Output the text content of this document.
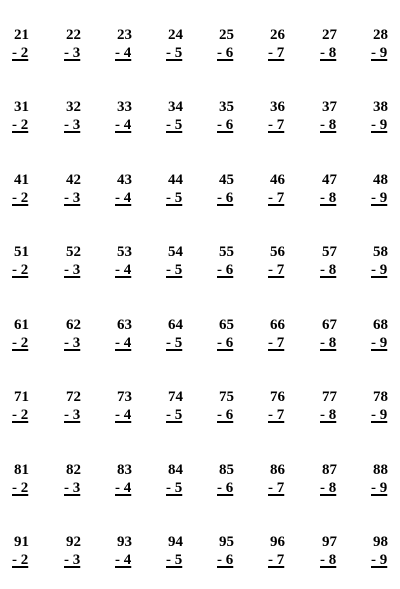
21
- 2
22
- 3
23
- 4
24
- 5
25
- 6
26
- 7
27
- 8
28
- 9
31
- 2
32
- 3
33
- 4
34
- 5
35
- 6
36
- 7
37
- 8
38
- 9
41
- 2
42
- 3
43
- 4
44
- 5
45
- 6
46
- 7
47
- 8
48
- 9
51
- 2
52
- 3
53
- 4
54
- 5
55
- 6
56
- 7
57
- 8
58
- 9
61
- 2
62
- 3
63
- 4
64
- 5
65
- 6
66
- 7
67
- 8
68
- 9
71
- 2
72
- 3
73
- 4
74
- 5
75
- 6
76
- 7
77
- 8
78
- 9
81
- 2
82
- 3
83
- 4
84
- 5
85
- 6
86
- 7
87
- 8
88
- 9
91
- 2
92
- 3
93
- 4
94
- 5
95
- 6
96
- 7
97
- 8
98
- 9
